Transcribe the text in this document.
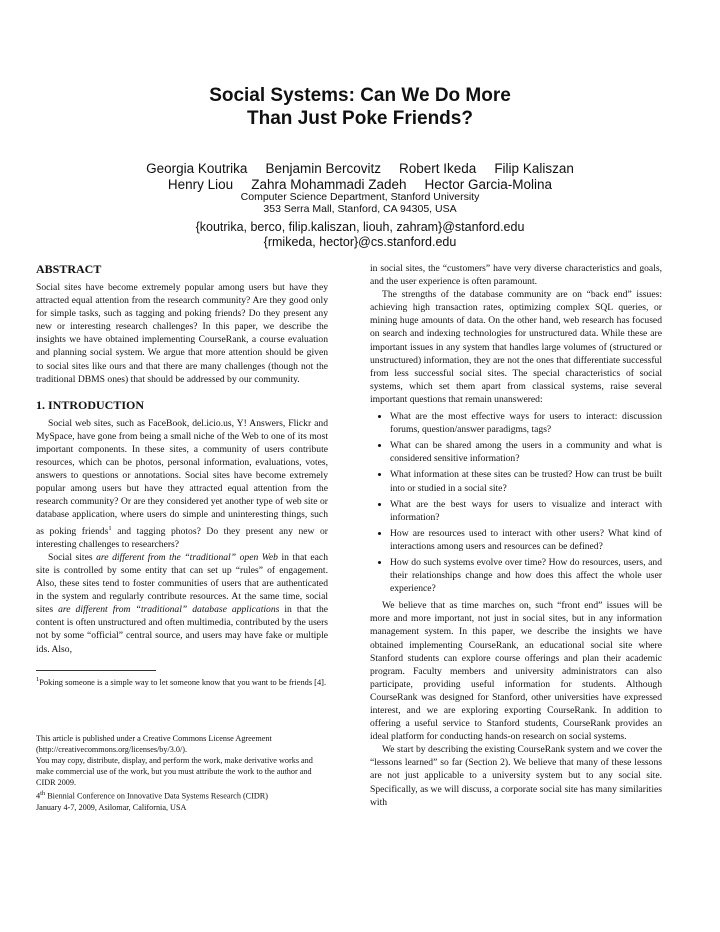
Social Systems: Can We Do More
Than Just Poke Friends?
Georgia Koutrika Benjamin Bercovitz Robert Ikeda Filip Kaliszan
Henry Liou Zahra Mohammadi Zadeh Hector Garcia-Molina
Computer Science Department, Stanford University
353 Serra Mall, Stanford, CA 94305, USA
{koutrika, berco, filip.kaliszan, liouh, zahram}@stanford.edu
{rmikeda, hector}@cs.stanford.edu
ABSTRACT

Social sites have become extremely popular among users but have they attracted equal attention from the research community? Are they good only for simple tasks, such as tagging and poking friends? Do they present any new or interesting research challenges? In this paper, we describe the insights we have obtained implementing CourseRank, a course evaluation and planning social system. We argue that more attention should be given to social sites like ours and that there are many challenges (though not the traditional DBMS ones) that should be addressed by our community.

1. INTRODUCTION

Social web sites, such as FaceBook, del.icio.us, Y! Answers, Flickr and MySpace, have gone from being a small niche of the Web to one of its most important components. In these sites, a community of users contribute resources, which can be photos, personal information, evaluations, votes, answers to questions or annotations. Social sites have become extremely popular among users but have they attracted equal attention from the research community? Or are they considered yet another type of web site or database application, where users do simple and uninteresting things, such as poking friends$^1$ and tagging photos? Do they present any new or interesting challenges to researchers?

Social sites are different from the “traditional” open Web in that each site is controlled by some entity that can set up “rules” of engagement. Also, these sites tend to foster communities of users that are authenticated in the system and regularly contribute resources. At the same time, social sites are different from “traditional” database applications in that the content is often unstructured and often multimedia, contributed by the users not by some “official” central source, and users may have fake or multiple ids. Also,

$^1$Poking someone is a simple way to let someone know that you want to be friends [4].

This article is published under a Creative Commons License Agreement (http://creativecommons.org/licenses/by/3.0/).
You may copy, distribute, display, and perform the work, make derivative works and make commercial use of the work, but you must attribute the work to the author and CIDR 2009.
4th Biennial Conference on Innovative Data Systems Research (CIDR)
January 4-7, 2009, Asilomar, California, USA

in social sites, the “customers” have very diverse characteristics and goals, and the user experience is often paramount.

The strengths of the database community are on “back end” issues: achieving high transaction rates, optimizing complex SQL queries, or mining huge amounts of data. On the other hand, web research has focused on search and indexing technologies for unstructured data. While these are important issues in any system that handles large volumes of (structured or unstructured) information, they are not the ones that differentiate successful from less successful social sites. The special characteristics of social systems, which set them apart from classical systems, raise several important questions that remain unanswered:

• What are the most effective ways for users to interact: discussion forums, question/answer paradigms, tags?
• What can be shared among the users in a community and what is considered sensitive information?
• What information at these sites can be trusted? How can trust be built into or studied in a social site?
• What are the best ways for users to visualize and interact with information?
• How are resources used to interact with other users? What kind of interactions among users and resources can be defined?
• How do such systems evolve over time? How do resources, users, and their relationships change and how does this affect the whole user experience?

We believe that as time marches on, such “front end” issues will be more and more important, not just in social sites, but in any information management system. In this paper, we describe the insights we have obtained implementing CourseRank, an educational social site where Stanford students can explore course offerings and plan their academic program. Faculty members and university administrators can also participate, providing useful information for students. Although CourseRank was designed for Stanford, other universities have expressed interest, and we are exploring exporting CourseRank. In addition to offering a useful service to Stanford students, CourseRank provides an ideal platform for conducting hands-on research on social systems.

We start by describing the existing CourseRank system and we cover the “lessons learned” so far (Section 2). We believe that many of these lessons are not just applicable to a university system but to any social site. Specifically, as we will discuss, a corporate social site has many similarities with
